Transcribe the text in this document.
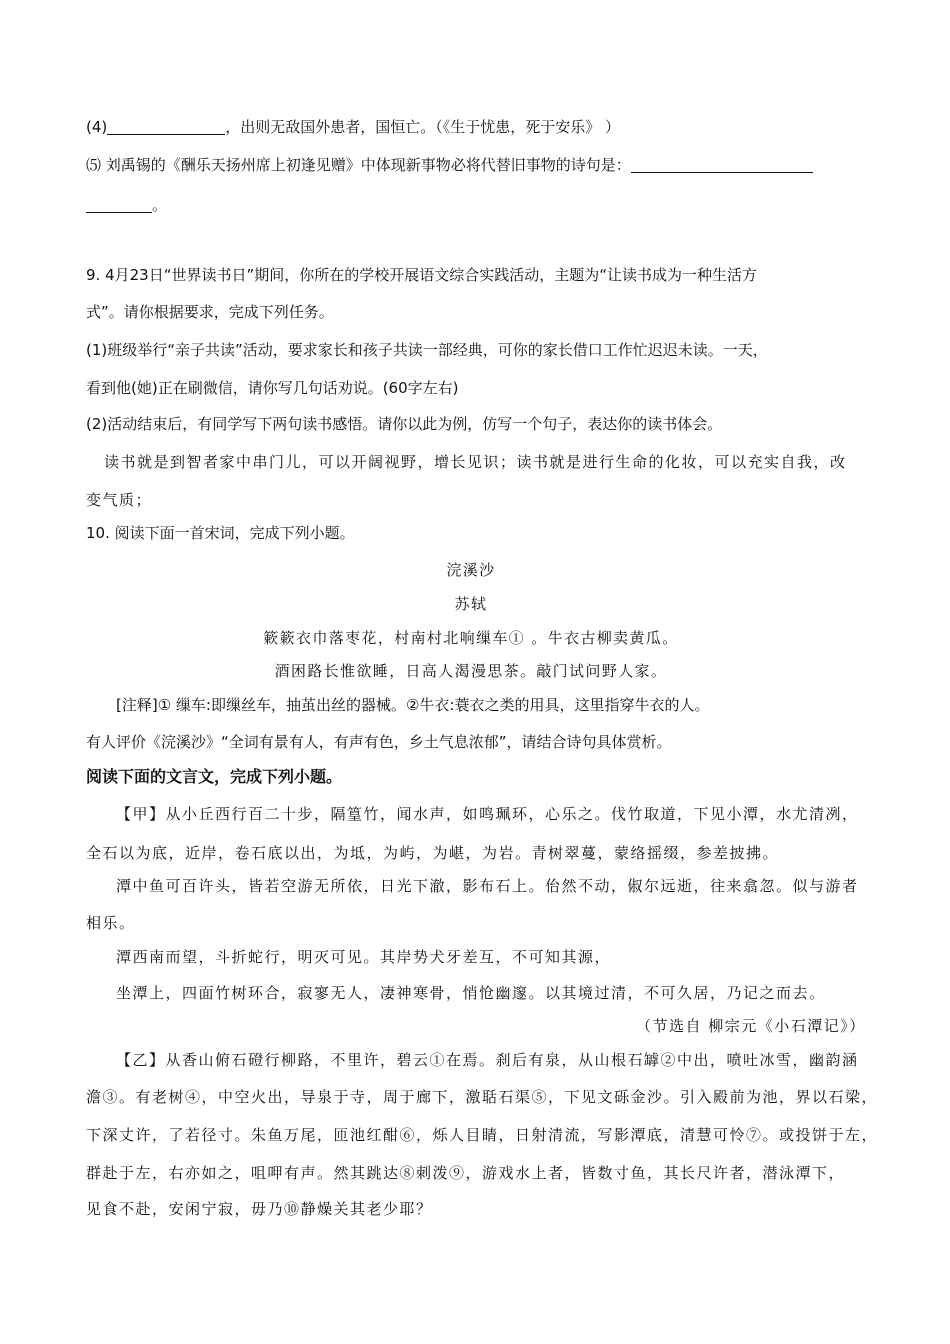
(4)	，出则无敌国外患者，国恒亡。（《生于忧患，死于安乐》 ）
⑸ 刘禹锡的《酬乐天扬州席上初逢见赠》中体现新事物必将代替旧事物的诗句是：
。
9. 4月23日“世界读书日”期间，你所在的学校开展语文综合实践活动，主题为“让读书成为一种生活方
式”。请你根据要求，完成下列任务。
(1)班级举行“亲子共读”活动，要求家长和孩子共读一部经典，可你的家长借口工作忙迟迟未读。一天，
看到他(她)正在刷微信，请你写几句话劝说。(60字左右)
(2)活动结束后，有同学写下两句读书感悟。请你以此为例，仿写一个句子，表达你的读书体会。
读书就是到智者家中串门儿，可以开阔视野，增长见识；读书就是进行生命的化妆，可以充实自我，改
变气质；
10. 阅读下面一首宋词，完成下列小题。
浣溪沙
苏轼
簌簌衣巾落枣花，村南村北响缫车① 。牛衣古柳卖黄瓜。
酒困路长惟欲睡，日高人渴漫思茶。敲门试问野人家。
[注释]① 缫车:即缫丝车，抽茧出丝的器械。②牛衣:蓑衣之类的用具，这里指穿牛衣的人。
有人评价《浣溪沙》“全词有景有人，有声有色，乡土气息浓郁”，请结合诗句具体赏析。
阅读下面的文言文，完成下列小题。
【甲】从小丘西行百二十步，隔篁竹，闻水声，如鸣珮环，心乐之。伐竹取道，下见小潭，水尤清冽，
全石以为底，近岸，卷石底以出，为坻，为屿，为嵁，为岩。青树翠蔓，蒙络摇缀，参差披拂。
潭中鱼可百许头，皆若空游无所依，日光下澈，影布石上。佁然不动，俶尔远逝，往来翕忽。似与游者
相乐。
潭西南而望，斗折蛇行，明灭可见。其岸势犬牙差互，不可知其源，
坐潭上，四面竹树环合，寂寥无人，凄神寒骨，悄怆幽邃。以其境过清，不可久居，乃记之而去。
（节选自 柳宗元《小石潭记》）
【乙】从香山俯石磴行柳路，不里许，碧云①在焉。刹后有泉，从山根石罅②中出，喷吐冰雪，幽韵涵
澹③。有老树④，中空火出，导泉于寺，周于廊下，激聒石渠⑤，下见文砾金沙。引入殿前为池，界以石梁，
下深丈许，了若径寸。朱鱼万尾，匝池红酣⑥，烁人目睛，日射清流，写影潭底，清慧可怜⑦。或投饼于左，
群赴于左，右亦如之，咀呷有声。然其跳达⑧刺泼⑨，游戏水上者，皆数寸鱼，其长尺许者，潜泳潭下，
见食不赴，安闲宁寂，毋乃⑩静燥关其老少耶？
